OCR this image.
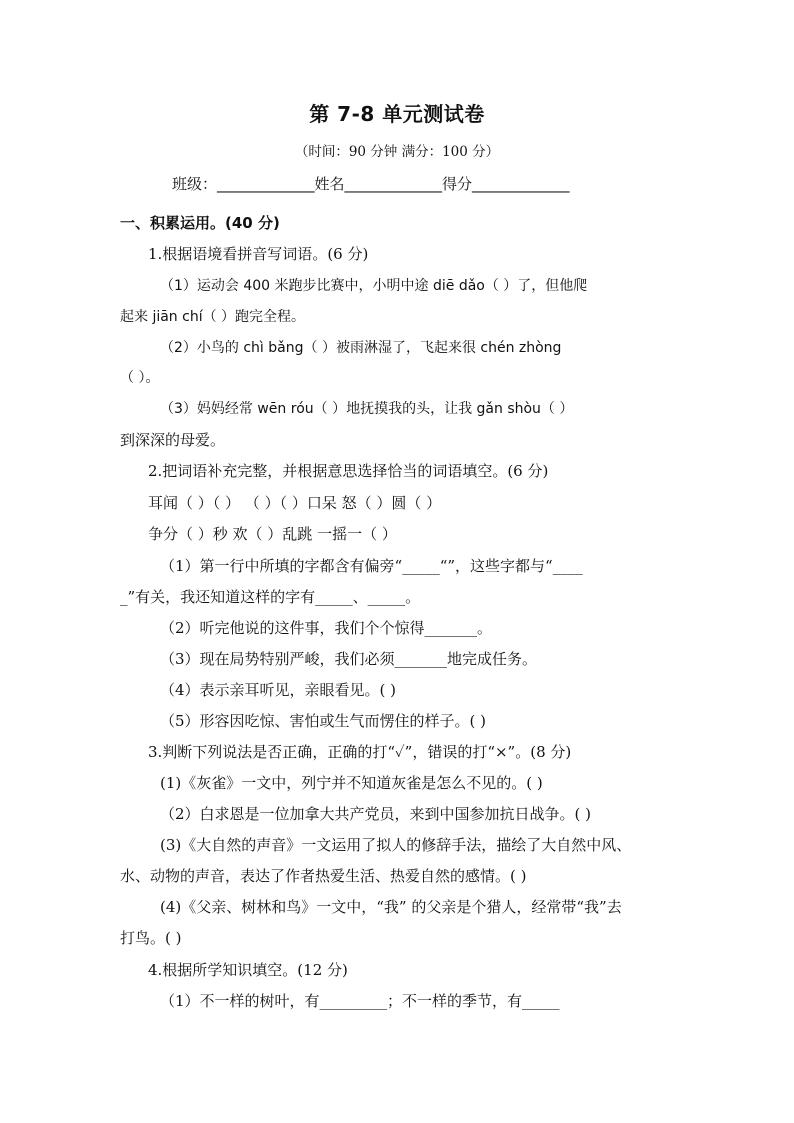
第 7-8 单元测试卷
（时间：90 分钟 满分：100 分）
班级：_____________姓名_____________得分_____________
一、积累运用。(40 分)
1.根据语境看拼音写词语。(6 分)
（1）运动会 400 米跑步比赛中，小明中途 diē dǎo（ ）了，但他爬
起来 jiān chí（ ）跑完全程。
（2）小鸟的 chì bǎng（ ）被雨淋湿了，飞起来很 chén zhòng
（ ）。
（3）妈妈经常 wēn róu（ ）地抚摸我的头，让我 gǎn shòu（ ）
到深深的母爱。
2.把词语补充完整，并根据意思选择恰当的词语填空。(6 分)
耳闻（ ）（ ） （ ）（ ）口呆 怒（ ）圆（ ）
争分（ ）秒 欢（ ）乱跳 一摇一（ ）
（1）第一行中所填的字都含有偏旁“_____“”，这些字都与“____
_”有关，我还知道这样的字有_____、_____。
（2）听完他说的这件事，我们个个惊得_______。
（3）现在局势特别严峻，我们必须_______地完成任务。
（4）表示亲耳听见，亲眼看见。( )
（5）形容因吃惊、害怕或生气而愣住的样子。( )
3.判断下列说法是否正确，正确的打“✓”，错误的打“×”。(8 分)
(1)《灰雀》一文中，列宁并不知道灰雀是怎么不见的。( )
（2）白求恩是一位加拿大共产党员，来到中国参加抗日战争。( )
(3)《大自然的声音》一文运用了拟人的修辞手法，描绘了大自然中风、
水、动物的声音，表达了作者热爱生活、热爱自然的感情。( )
(4)《父亲、树林和鸟》一文中，“我” 的父亲是个猎人，经常带“我”去
打鸟。( )
4.根据所学知识填空。(12 分)
（1）不一样的树叶，有_________；不一样的季节，有_____
